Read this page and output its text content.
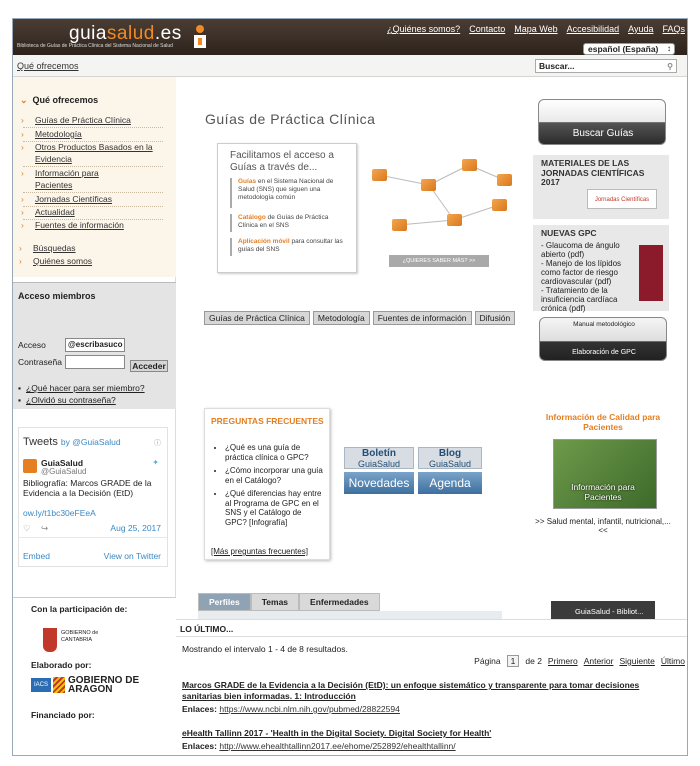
guiasalud.es
Biblioteca de Guías de Práctica Clínica del Sistema Nacional de Salud
¿Quiénes somos? Contacto Mapa Web Accesibilidad Ayuda FAQs
español (España) ↕
Qué ofrecemos	Buscar...	⚲
⌄ Qué ofrecemos
› Guías de Práctica Clínica
› Metodología
› Otros Productos Basados en la Evidencia
› Información para Pacientes
› Jornadas Científicas
› Actualidad
› Fuentes de información
› Búsquedas
› Quiénes somos
Acceso miembros
Acceso	@escribasuco
Contraseña	Acceder
▪ ¿Qué hacer para ser miembro?
▪ ¿Olvidó su contraseña?
Tweets by @GuiaSalud	ⓘ
GuiaSalud
@GuiaSalud
✦
Bibliografía: Marcos GRADE de la Evidencia a la Decisión (EtD)
ow.ly/t1bc30eFEeA
♡ ↪	Aug 25, 2017
Embed	View on Twitter
Con la participación de:
GOBIERNO de CANTABRIA
Elaborado por:
IACS	GOBIERNO DE ARAGON
Financiado por:
Guías de Práctica Clínica
Facilitamos el acceso a Guías a través de...
Guías en el Sistema Nacional de Salud (SNS) que siguen una metodología común
Catálogo de Guías de Práctica Clínica en el SNS
Aplicación móvil para consultar las guías del SNS
¿QUIERES SABER MÁS? >>
Guías de Práctica Clínica	Metodología	Fuentes de información	Difusión
PREGUNTAS FRECUENTES
• ¿Qué es una guía de práctica clínica o GPC?
• ¿Cómo incorporar una guía en el Catálogo?
• ¿Qué diferencias hay entre al Programa de GPC en el SNS y el Catálogo de GPC? [Infografía]
[Más preguntas frecuentes]
Boletín
GuiaSalud
Blog
GuiaSalud
Novedades	Agenda
Perfiles	Temas	Enfermedades
Buscar Guías
MATERIALES DE LAS JORNADAS CIENTÍFICAS 2017
Jornadas Científicas
NUEVAS GPC
- Glaucoma de ángulo abierto (pdf)
- Manejo de los lípidos como factor de riesgo cardiovascular (pdf)
- Tratamiento de la insuficiencia cardíaca crónica (pdf)
Manual metodológico
Elaboración de GPC
Información de Calidad para Pacientes
Información para Pacientes
>> Salud mental, infantil, nutricional,... <<
GuiaSalud - Bibliot...
LO ÚLTIMO...
Mostrando el intervalo 1 - 4 de 8 resultados.
Página	1	de 2 Primero Anterior Siguiente Último
Marcos GRADE de la Evidencia a la Decisión (EtD): un enfoque sistemático y transparente para tomar decisiones sanitarias bien informadas. 1: Introducción
Enlaces: https://www.ncbi.nlm.nih.gov/pubmed/28822594
eHealth Tallinn 2017 - 'Health in the Digital Society. Digital Society for Health'
Enlaces: http://www.ehealthtallinn2017.ee/ehome/252892/ehealthtallinn/
